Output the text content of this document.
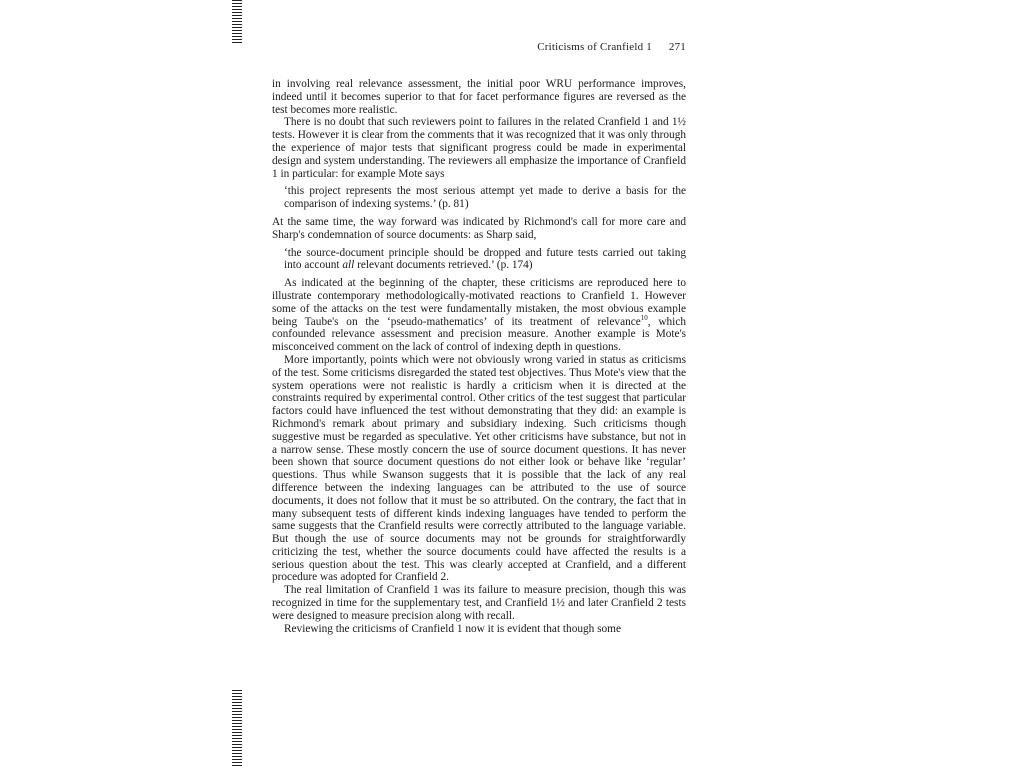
Criticisms of Cranfield 1 271

in involving real relevance assessment, the initial poor WRU performance improves, indeed until it becomes superior to that for facet performance figures are reversed as the test becomes more realistic.

There is no doubt that such reviewers point to failures in the related Cranfield 1 and 1½ tests. However it is clear from the comments that it was recognized that it was only through the experience of major tests that significant progress could be made in experimental design and system understanding. The reviewers all emphasize the importance of Cranfield 1 in particular: for example Mote says

‘this project represents the most serious attempt yet made to derive a basis for the comparison of indexing systems.’ (p. 81)

At the same time, the way forward was indicated by Richmond's call for more care and Sharp's condemnation of source documents: as Sharp said,

‘the source-document principle should be dropped and future tests carried out taking into account all relevant documents retrieved.’ (p. 174)

As indicated at the beginning of the chapter, these criticisms are reproduced here to illustrate contemporary methodologically-motivated reactions to Cranfield 1. However some of the attacks on the test were fundamentally mistaken, the most obvious example being Taube's on the ‘pseudo-mathematics’ of its treatment of relevance$^{10}$, which confounded relevance assessment and precision measure. Another example is Mote's misconceived comment on the lack of control of indexing depth in questions.

More importantly, points which were not obviously wrong varied in status as criticisms of the test. Some criticisms disregarded the stated test objectives. Thus Mote's view that the system operations were not realistic is hardly a criticism when it is directed at the constraints required by experimental control. Other critics of the test suggest that particular factors could have influenced the test without demonstrating that they did: an example is Richmond's remark about primary and subsidiary indexing. Such criticisms though suggestive must be regarded as speculative. Yet other criticisms have substance, but not in a narrow sense. These mostly concern the use of source document questions. It has never been shown that source document questions do not either look or behave like ‘regular’ questions. Thus while Swanson suggests that it is possible that the lack of any real difference between the indexing languages can be attributed to the use of source documents, it does not follow that it must be so attributed. On the contrary, the fact that in many subsequent tests of different kinds indexing languages have tended to perform the same suggests that the Cranfield results were correctly attributed to the language variable. But though the use of source documents may not be grounds for straightforwardly criticizing the test, whether the source documents could have affected the results is a serious question about the test. This was clearly accepted at Cranfield, and a different procedure was adopted for Cranfield 2.

The real limitation of Cranfield 1 was its failure to measure precision, though this was recognized in time for the supplementary test, and Cranfield 1½ and later Cranfield 2 tests were designed to measure precision along with recall.

Reviewing the criticisms of Cranfield 1 now it is evident that though some
